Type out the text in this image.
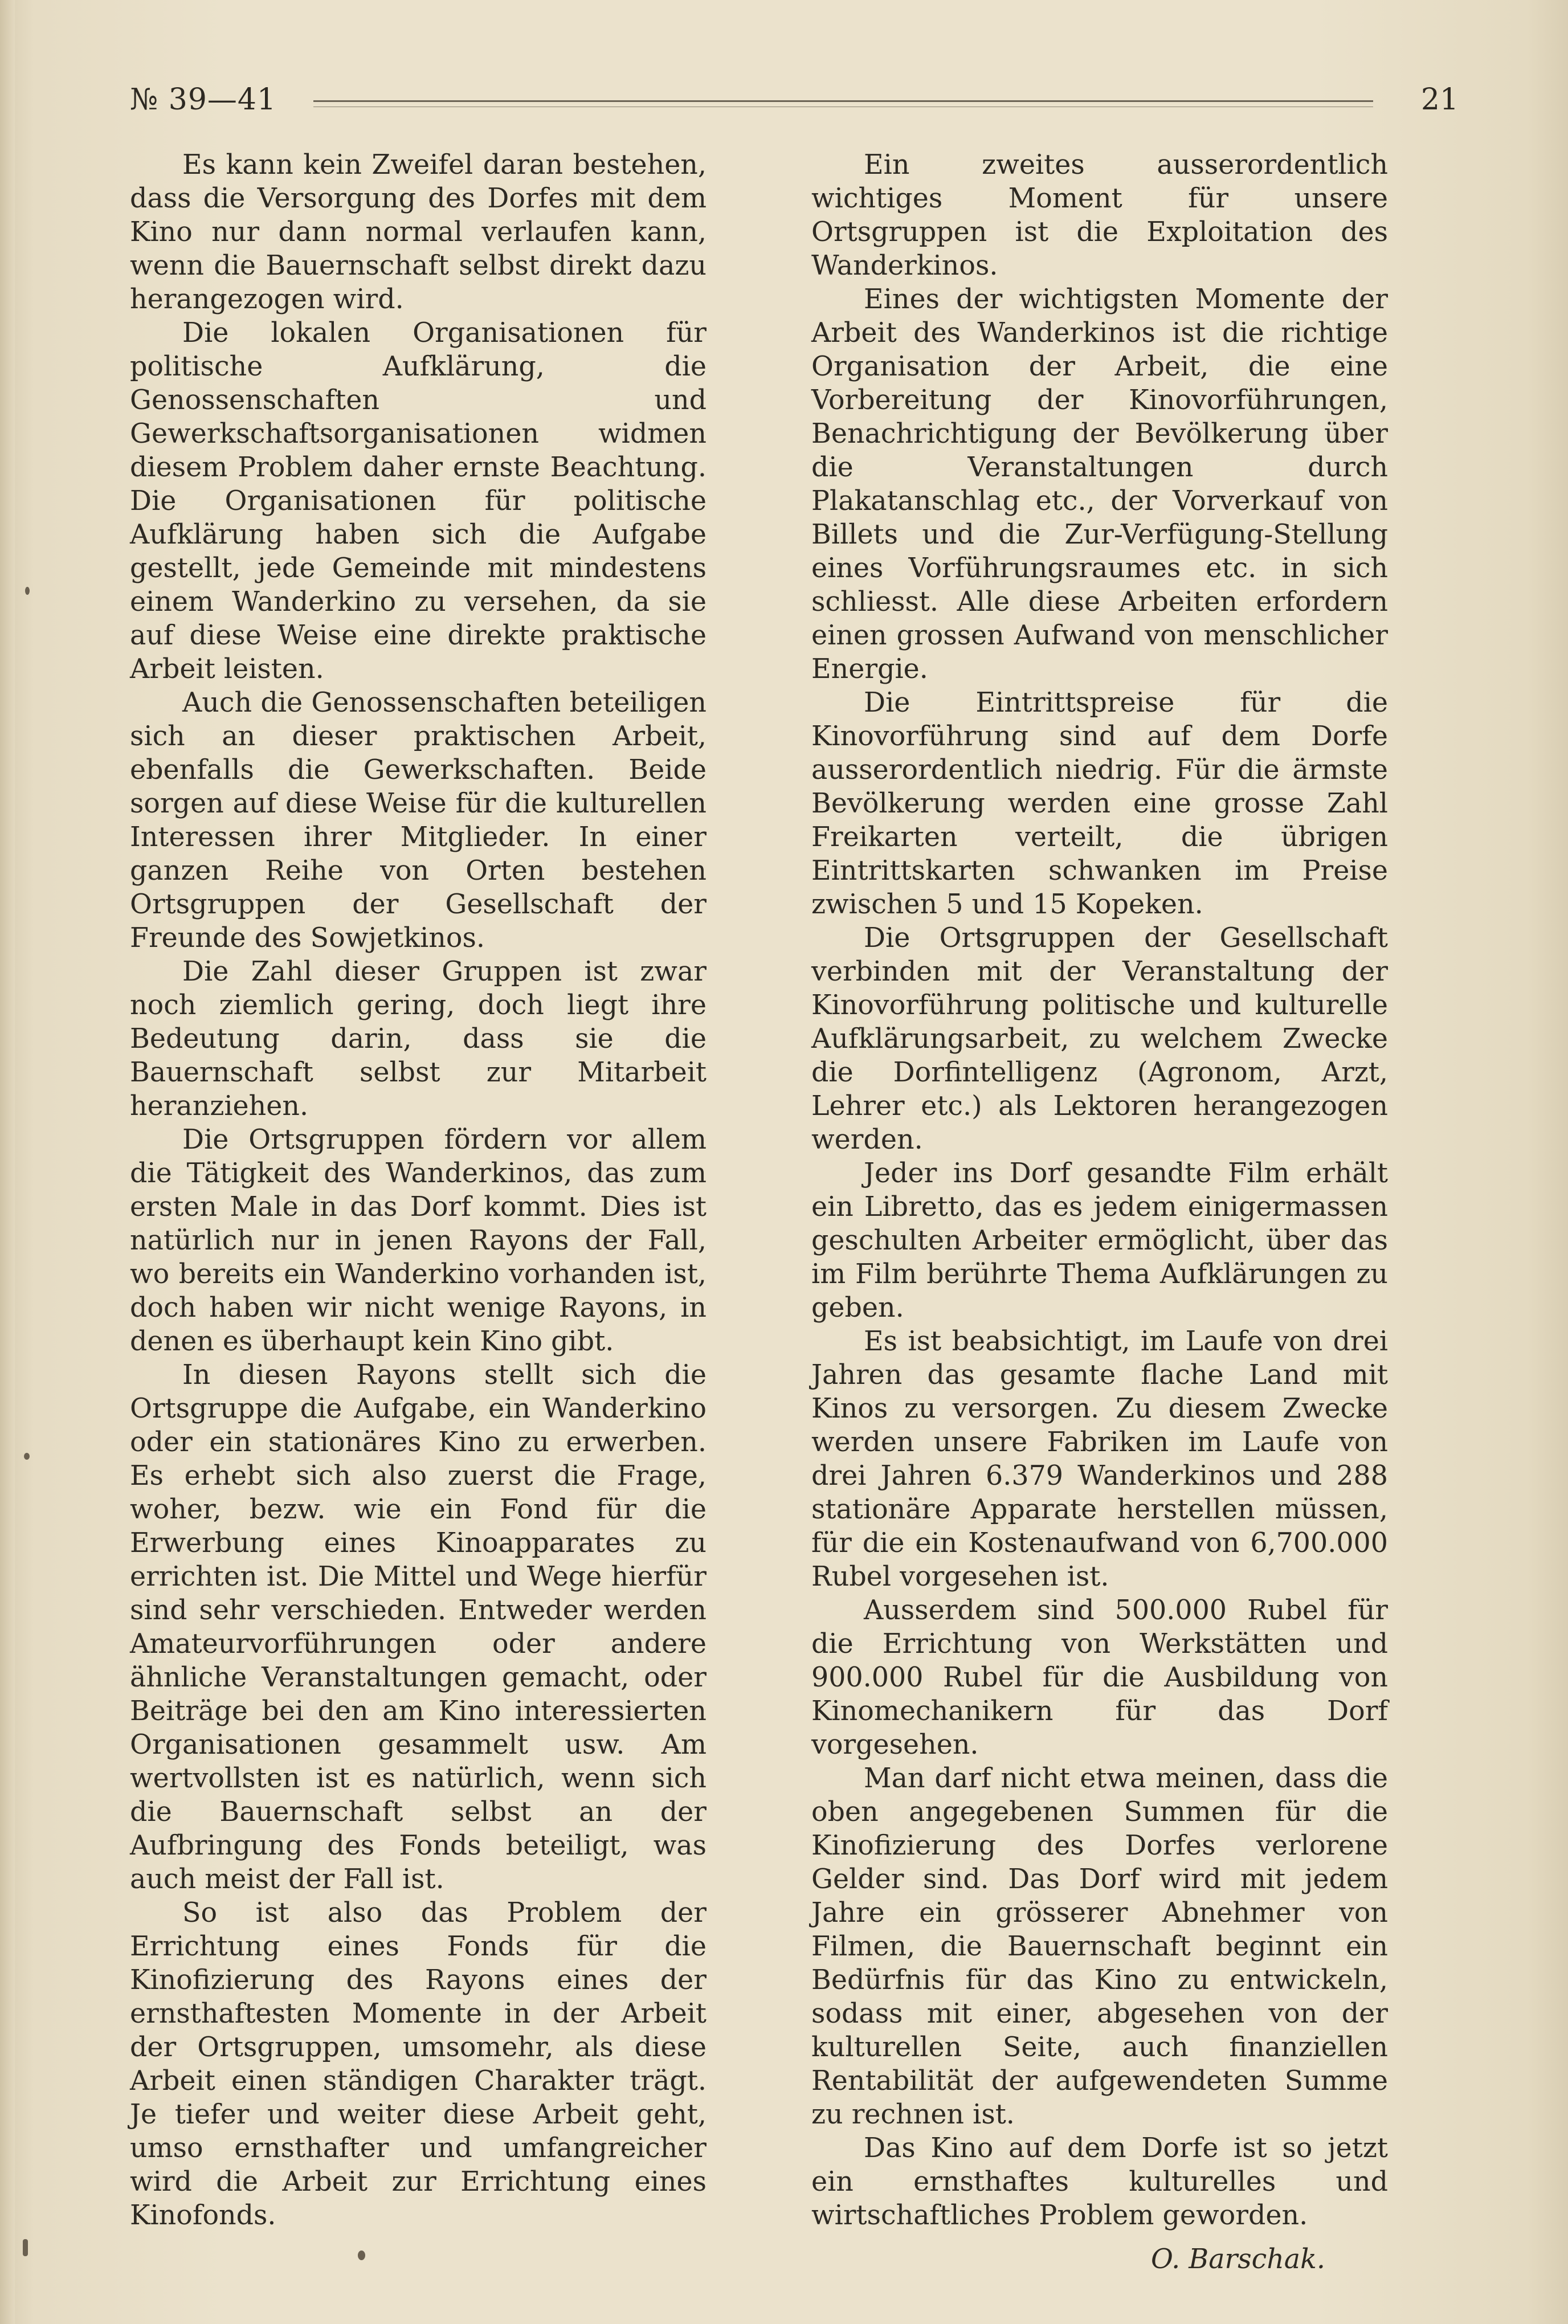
№ 39—41	21

Es kann kein Zweifel daran bestehen, dass die Versorgung des Dorfes mit dem Kino nur dann normal verlaufen kann, wenn die Bauernschaft selbst direkt dazu herangezogen wird.

Die lokalen Organisationen für politische Aufklärung, die Genossenschaften und Gewerkschaftsorganisationen widmen diesem Problem daher ernste Beachtung. Die Organisationen für politische Aufklärung haben sich die Aufgabe gestellt, jede Gemeinde mit mindestens einem Wanderkino zu versehen, da sie auf diese Weise eine direkte praktische Arbeit leisten.

Auch die Genossenschaften beteiligen sich an dieser praktischen Arbeit, ebenfalls die Gewerkschaften. Beide sorgen auf diese Weise für die kulturellen Interessen ihrer Mitglieder. In einer ganzen Reihe von Orten bestehen Ortsgruppen der Gesellschaft der Freunde des Sowjetkinos.

Die Zahl dieser Gruppen ist zwar noch ziemlich gering, doch liegt ihre Bedeutung darin, dass sie die Bauernschaft selbst zur Mitarbeit heranziehen.

Die Ortsgruppen fördern vor allem die Tätigkeit des Wanderkinos, das zum ersten Male in das Dorf kommt. Dies ist natürlich nur in jenen Rayons der Fall, wo bereits ein Wanderkino vorhanden ist, doch haben wir nicht wenige Rayons, in denen es überhaupt kein Kino gibt.

In diesen Rayons stellt sich die Ortsgruppe die Aufgabe, ein Wanderkino oder ein stationäres Kino zu erwerben. Es erhebt sich also zuerst die Frage, woher, bezw. wie ein Fond für die Erwerbung eines Kinoapparates zu errichten ist. Die Mittel und Wege hierfür sind sehr verschieden. Entweder werden Amateurvorführungen oder andere ähnliche Veranstaltungen gemacht, oder Beiträge bei den am Kino interessierten Organisationen gesammelt usw. Am wertvollsten ist es natürlich, wenn sich die Bauernschaft selbst an der Aufbringung des Fonds beteiligt, was auch meist der Fall ist.

So ist also das Problem der Errichtung eines Fonds für die Kinofizierung des Rayons eines der ernsthaftesten Momente in der Arbeit der Ortsgruppen, umsomehr, als diese Arbeit einen ständigen Charakter trägt. Je tiefer und weiter diese Arbeit geht, umso ernsthafter und umfangreicher wird die Arbeit zur Errichtung eines Kinofonds.

Ein zweites ausserordentlich wichtiges Moment für unsere Ortsgruppen ist die Exploitation des Wanderkinos.

Eines der wichtigsten Momente der Arbeit des Wanderkinos ist die richtige Organisation der Arbeit, die eine Vorbereitung der Kinovorführungen, Benachrichtigung der Bevölkerung über die Veranstaltungen durch Plakatanschlag etc., der Vorverkauf von Billets und die Zur-Verfügung-Stellung eines Vorführungsraumes etc. in sich schliesst. Alle diese Arbeiten erfordern einen grossen Aufwand von menschlicher Energie.

Die Eintrittspreise für die Kinovorführung sind auf dem Dorfe ausserordentlich niedrig. Für die ärmste Bevölkerung werden eine grosse Zahl Freikarten verteilt, die übrigen Eintrittskarten schwanken im Preise zwischen 5 und 15 Kopeken.

Die Ortsgruppen der Gesellschaft verbinden mit der Veranstaltung der Kinovorführung politische und kulturelle Aufklärungsarbeit, zu welchem Zwecke die Dorfintelligenz (Agronom, Arzt, Lehrer etc.) als Lektoren herangezogen werden.

Jeder ins Dorf gesandte Film erhält ein Libretto, das es jedem einigermassen geschulten Arbeiter ermöglicht, über das im Film berührte Thema Aufklärungen zu geben.

Es ist beabsichtigt, im Laufe von drei Jahren das gesamte flache Land mit Kinos zu versorgen. Zu diesem Zwecke werden unsere Fabriken im Laufe von drei Jahren 6.379 Wanderkinos und 288 stationäre Apparate herstellen müssen, für die ein Kostenaufwand von 6,700.000 Rubel vorgesehen ist.

Ausserdem sind 500.000 Rubel für die Errichtung von Werkstätten und 900.000 Rubel für die Ausbildung von Kinomechanikern für das Dorf vorgesehen.

Man darf nicht etwa meinen, dass die oben angegebenen Summen für die Kinofizierung des Dorfes verlorene Gelder sind. Das Dorf wird mit jedem Jahre ein grösserer Abnehmer von Filmen, die Bauernschaft beginnt ein Bedürfnis für das Kino zu entwickeln, sodass mit einer, abgesehen von der kulturellen Seite, auch finanziellen Rentabilität der aufgewendeten Summe zu rechnen ist.

Das Kino auf dem Dorfe ist so jetzt ein ernsthaftes kulturelles und wirtschaftliches Problem geworden.

O. Barschak.
